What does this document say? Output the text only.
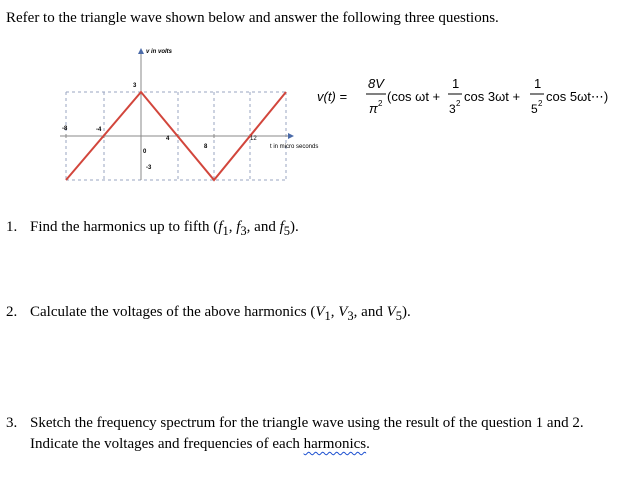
Refer to the triangle wave shown below and answer the following three questions.
v in volts
t in micro seconds
3
-3
-8	-4
0
4
8
12
v(t) =
8V
π 2 (cos ωt +
1
3 2 cos 3ωt +
1
5 2 cos 5ωt⋯)
1. Find the harmonics up to fifth ($f_1$, $f_3$, and $f_5$).
2. Calculate the voltages of the above harmonics ($V_1$, $V_3$, and $V_5$).
3. Sketch the frequency spectrum for the triangle wave using the result of the question 1 and 2.
Indicate the voltages and frequencies of each harmonics.
